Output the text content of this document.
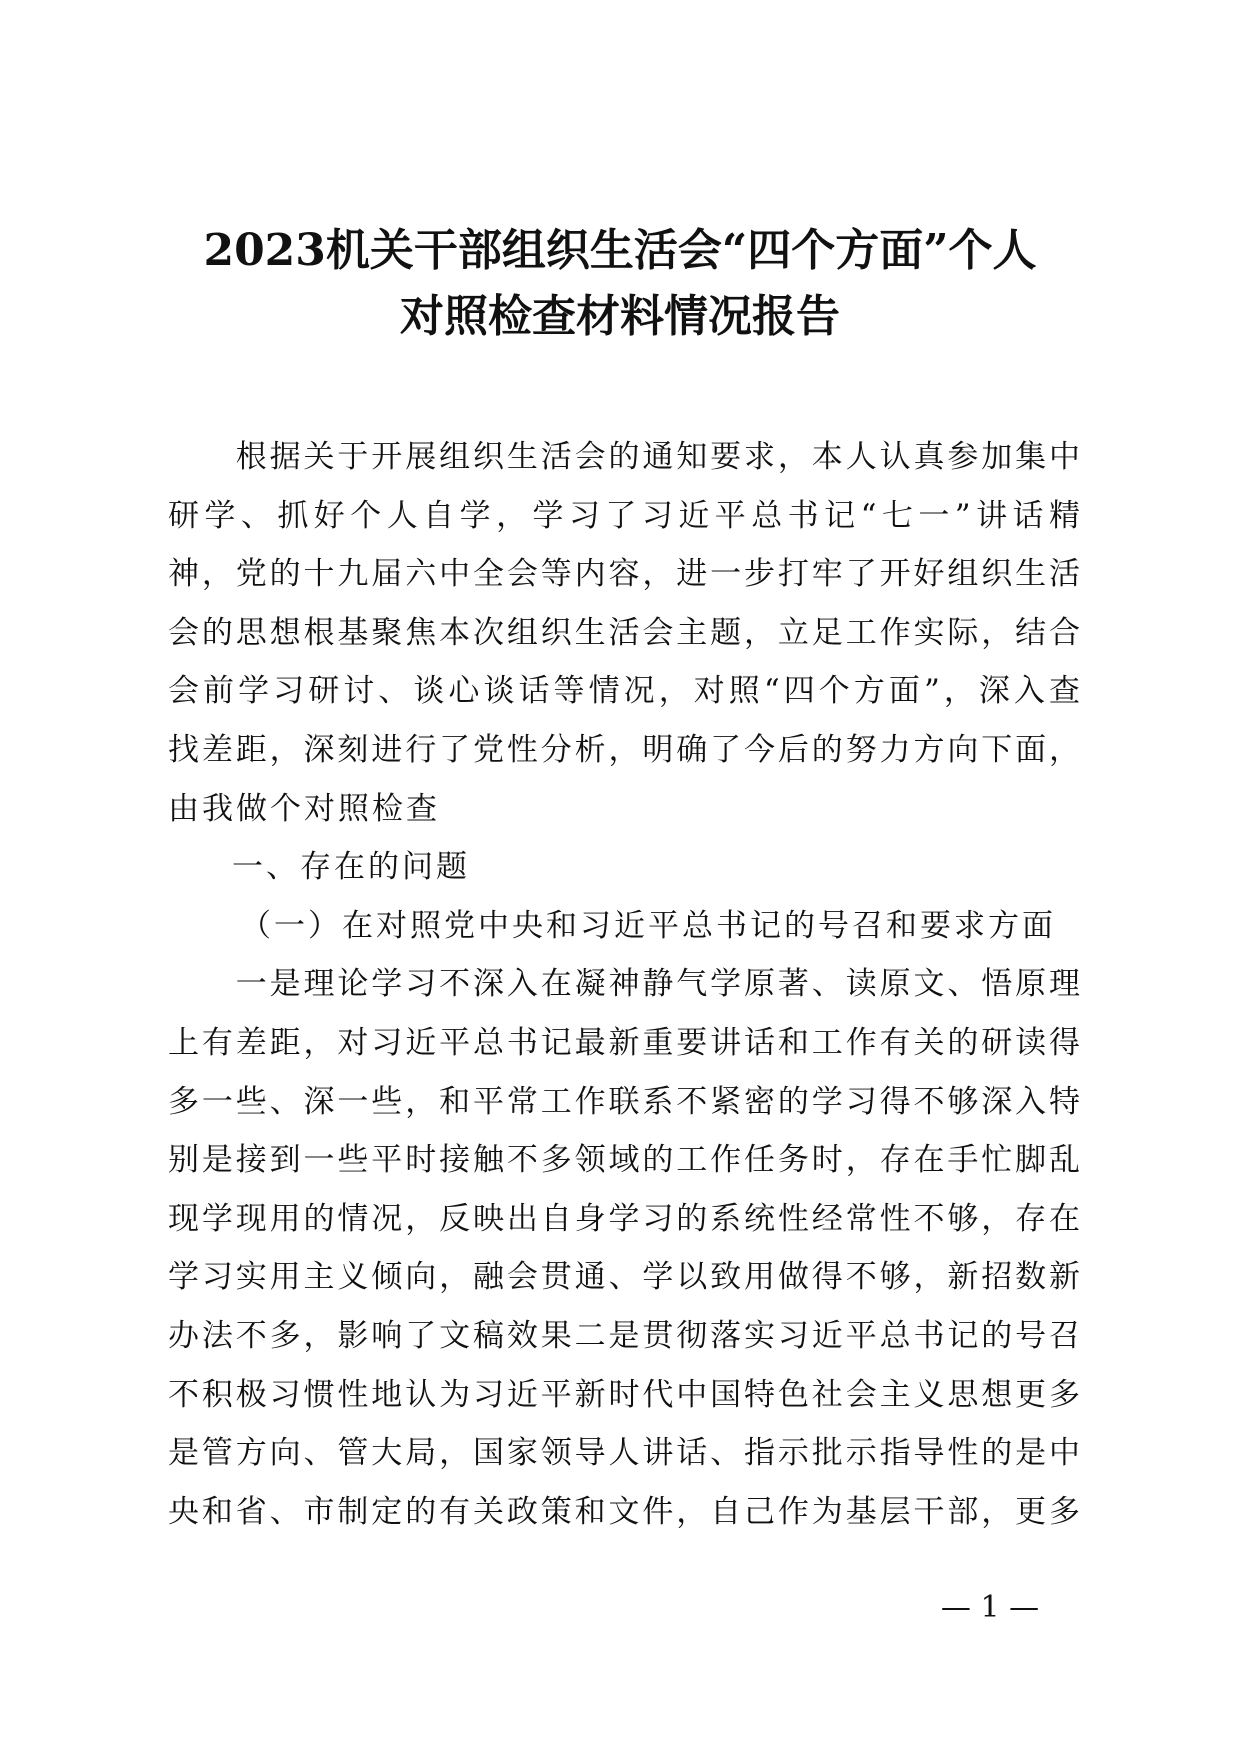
2023机关干部组织生活会“四个方面”个人
对照检查材料情况报告
　　根据关于开展组织生活会的通知要求，本人认真参加集中
研学、抓好个人自学，学习了习近平总书记“七一”讲话精
神，党的十九届六中全会等内容，进一步打牢了开好组织生活
会的思想根基聚焦本次组织生活会主题，立足工作实际，结合
会前学习研讨、谈心谈话等情况，对照“四个方面”，深入查
找差距，深刻进行了党性分析，明确了今后的努力方向下面，
由我做个对照检查
一、存在的问题
（一）在对照党中央和习近平总书记的号召和要求方面
　　一是理论学习不深入在凝神静气学原著、读原文、悟原理
上有差距，对习近平总书记最新重要讲话和工作有关的研读得
多一些、深一些，和平常工作联系不紧密的学习得不够深入特
别是接到一些平时接触不多领域的工作任务时，存在手忙脚乱
现学现用的情况，反映出自身学习的系统性经常性不够，存在
学习实用主义倾向，融会贯通、学以致用做得不够，新招数新
办法不多，影响了文稿效果二是贯彻落实习近平总书记的号召
不积极习惯性地认为习近平新时代中国特色社会主义思想更多
是管方向、管大局，国家领导人讲话、指示批示指导性的是中
央和省、市制定的有关政策和文件，自己作为基层干部，更多
— 1 —
